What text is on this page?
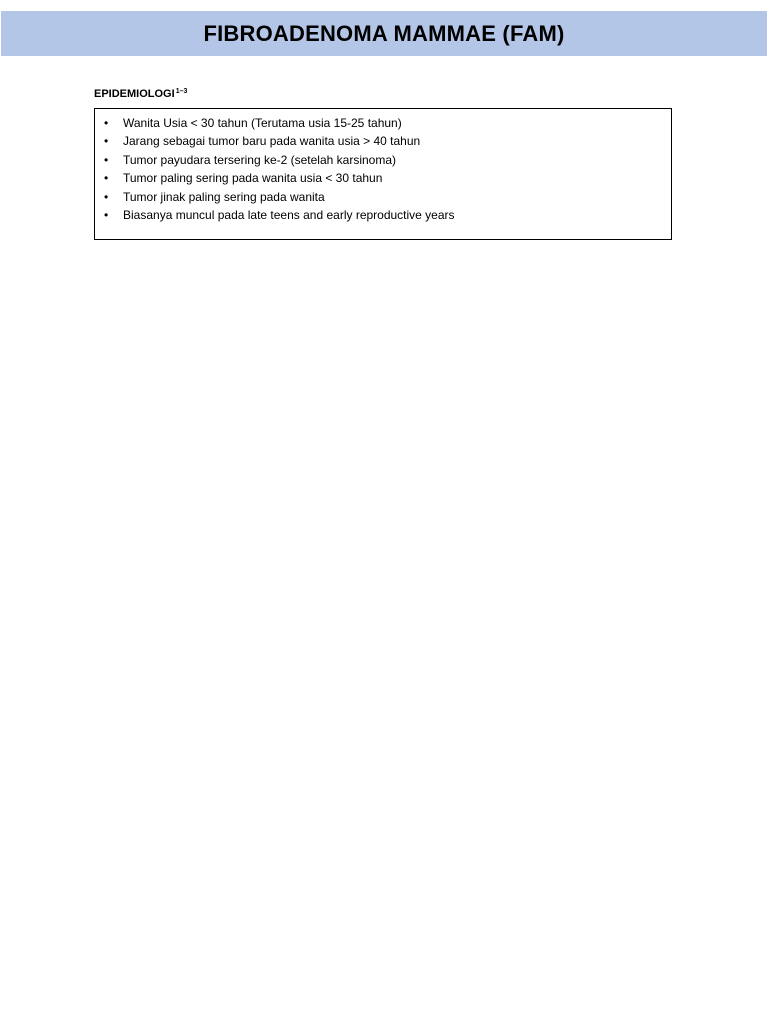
FIBROADENOMA MAMMAE (FAM)

EPIDEMIOLOGI$^{1-3}$

• Wanita Usia < 30 tahun (Terutama usia 15-25 tahun)
• Jarang sebagai tumor baru pada wanita usia > 40 tahun
• Tumor payudara tersering ke-2 (setelah karsinoma)
• Tumor paling sering pada wanita usia < 30 tahun
• Tumor jinak paling sering pada wanita
• Biasanya muncul pada late teens and early reproductive years
